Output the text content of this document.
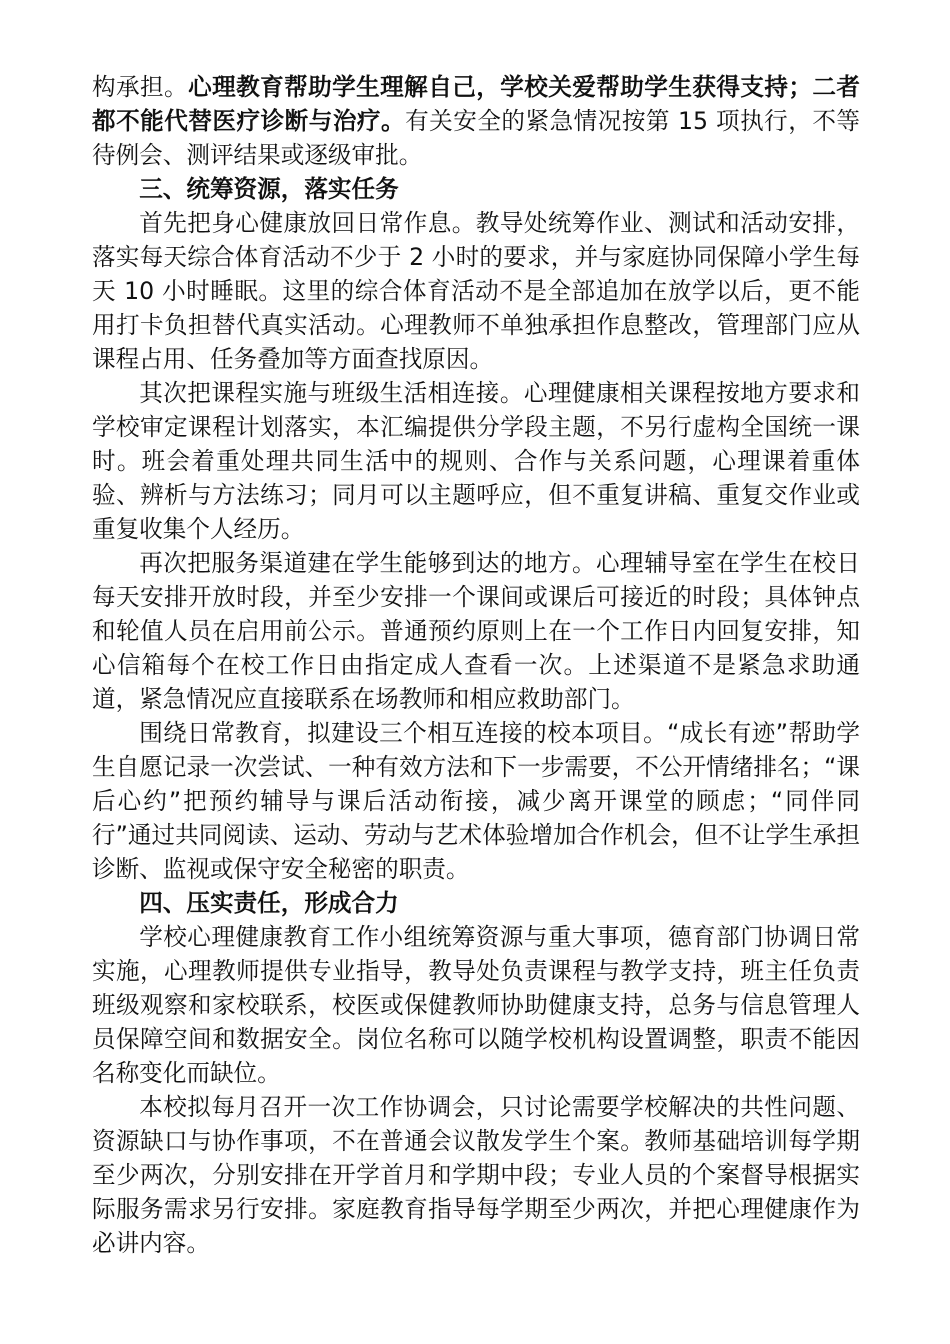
构承担。心理教育帮助学生理解自己，学校关爱帮助学生获得支持；二者都不能代替医疗诊断与治疗。有关安全的紧急情况按第 15 项执行，不等待例会、测评结果或逐级审批。

三、统筹资源，落实任务

首先把身心健康放回日常作息。教导处统筹作业、测试和活动安排，落实每天综合体育活动不少于 2 小时的要求，并与家庭协同保障小学生每天 10 小时睡眠。这里的综合体育活动不是全部追加在放学以后，更不能用打卡负担替代真实活动。心理教师不单独承担作息整改，管理部门应从课程占用、任务叠加等方面查找原因。

其次把课程实施与班级生活相连接。心理健康相关课程按地方要求和学校审定课程计划落实，本汇编提供分学段主题，不另行虚构全国统一课时。班会着重处理共同生活中的规则、合作与关系问题，心理课着重体验、辨析与方法练习；同月可以主题呼应，但不重复讲稿、重复交作业或重复收集个人经历。

再次把服务渠道建在学生能够到达的地方。心理辅导室在学生在校日每天安排开放时段，并至少安排一个课间或课后可接近的时段；具体钟点和轮值人员在启用前公示。普通预约原则上在一个工作日内回复安排，知心信箱每个在校工作日由指定成人查看一次。上述渠道不是紧急求助通道，紧急情况应直接联系在场教师和相应救助部门。

围绕日常教育，拟建设三个相互连接的校本项目。“成长有迹”帮助学生自愿记录一次尝试、一种有效方法和下一步需要，不公开情绪排名；“课后心约”把预约辅导与课后活动衔接，减少离开课堂的顾虑；“同伴同行”通过共同阅读、运动、劳动与艺术体验增加合作机会，但不让学生承担诊断、监视或保守安全秘密的职责。

四、压实责任，形成合力

学校心理健康教育工作小组统筹资源与重大事项，德育部门协调日常实施，心理教师提供专业指导，教导处负责课程与教学支持，班主任负责班级观察和家校联系，校医或保健教师协助健康支持，总务与信息管理人员保障空间和数据安全。岗位名称可以随学校机构设置调整，职责不能因名称变化而缺位。

本校拟每月召开一次工作协调会，只讨论需要学校解决的共性问题、资源缺口与协作事项，不在普通会议散发学生个案。教师基础培训每学期至少两次，分别安排在开学首月和学期中段；专业人员的个案督导根据实际服务需求另行安排。家庭教育指导每学期至少两次，并把心理健康作为必讲内容。
